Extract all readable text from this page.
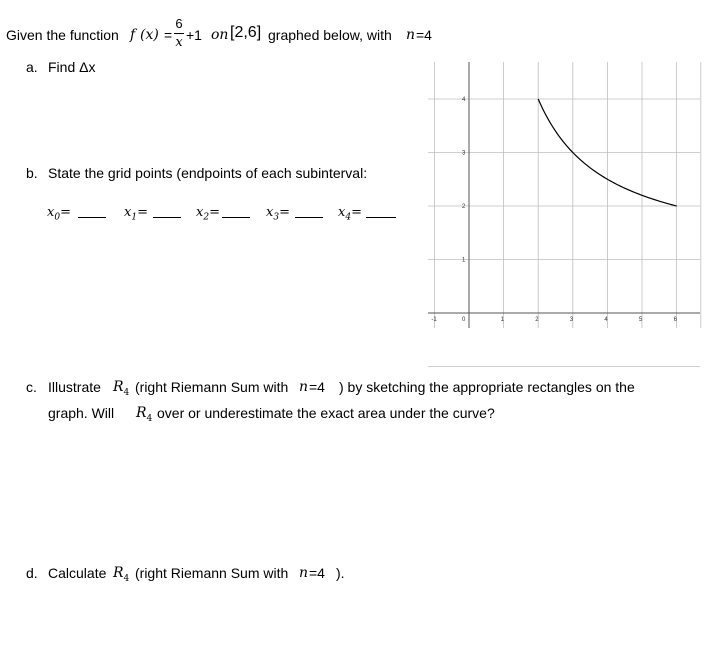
Given the function f (x) =
6
x +1 on [2,6] graphed below, with n =4
a. Find Δx
b. State the grid points (endpoints of each subinterval:
$x_0=$	$x_1=$	$x_2=$	$x_3=$	$x_4=$
-1	0	1	2	3	4	5	6
4
3
2
1
c. Illustrate $R_4$ (right Riemann Sum with n =4 ) by sketching the appropriate rectangles on the
graph. Will $R_4$ over or underestimate the exact area under the curve?
d. Calculate $R_4$ (right Riemann Sum with n =4 ).
